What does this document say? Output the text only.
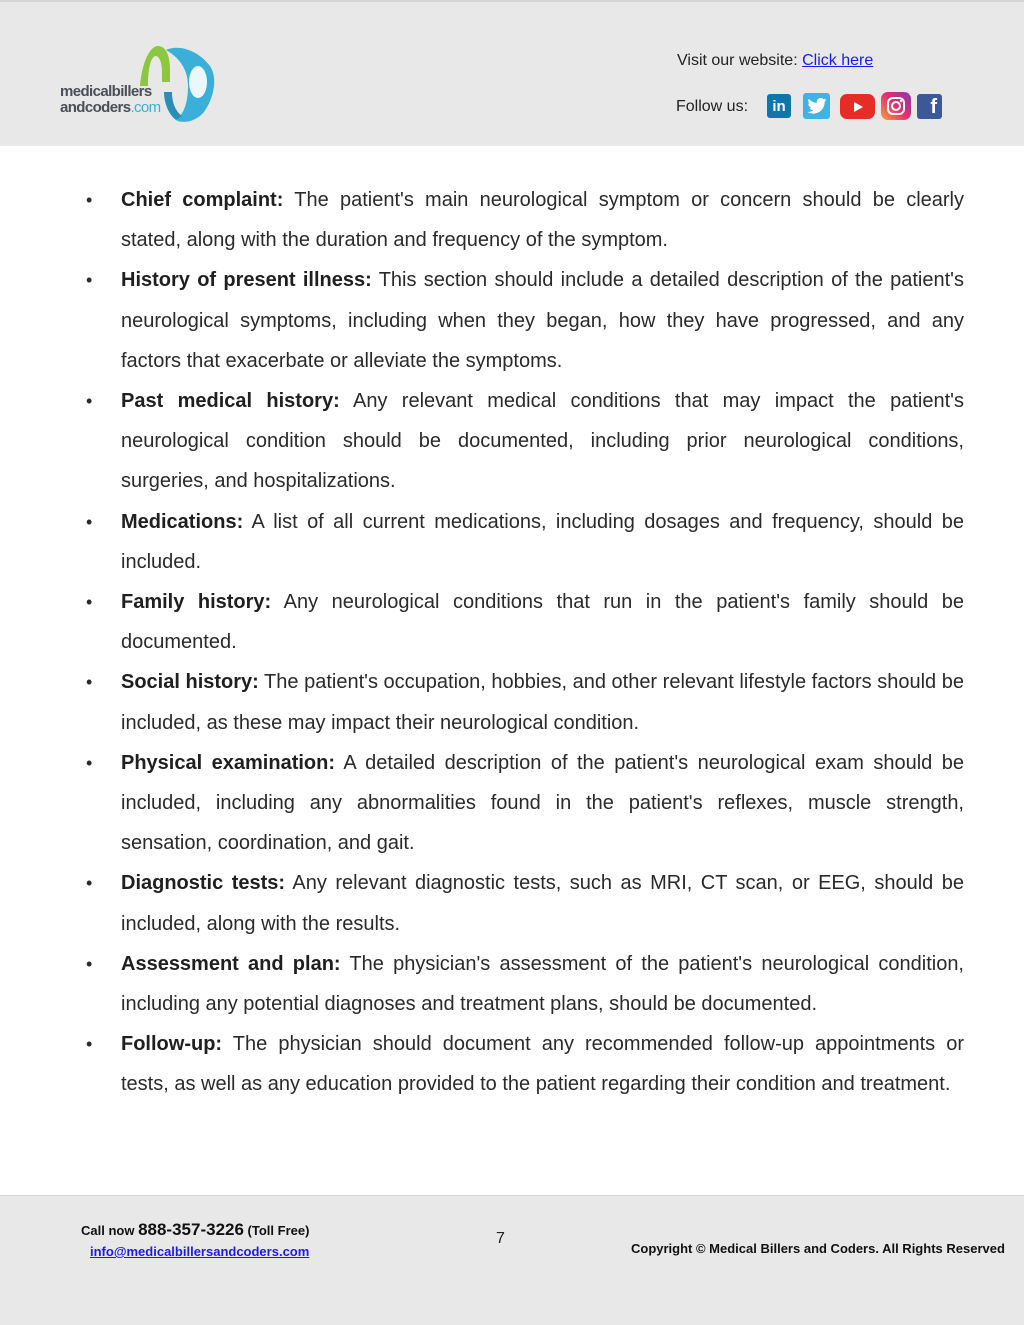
medicalbillers
andcoders.com
Visit our website: Click here
Follow us:	in	f
• Chief complaint: The patient's main neurological symptom or concern should be clearly stated, along with the duration and frequency of the symptom.
• History of present illness: This section should include a detailed description of the patient's neurological symptoms, including when they began, how they have progressed, and any factors that exacerbate or alleviate the symptoms.
• Past medical history: Any relevant medical conditions that may impact the patient's neurological condition should be documented, including prior neurological conditions, surgeries, and hospitalizations.
• Medications: A list of all current medications, including dosages and frequency, should be included.
• Family history: Any neurological conditions that run in the patient's family should be documented.
• Social history: The patient's occupation, hobbies, and other relevant lifestyle factors should be included, as these may impact their neurological condition.
• Physical examination: A detailed description of the patient's neurological exam should be included, including any abnormalities found in the patient's reflexes, muscle strength, sensation, coordination, and gait.
• Diagnostic tests: Any relevant diagnostic tests, such as MRI, CT scan, or EEG, should be included, along with the results.
• Assessment and plan: The physician's assessment of the patient's neurological condition, including any potential diagnoses and treatment plans, should be documented.
• Follow-up: The physician should document any recommended follow-up appointments or tests, as well as any education provided to the patient regarding their condition and treatment.
Call now 888-357-3226 (Toll Free)
info@medicalbillersandcoders.com
7
Copyright © Medical Billers and Coders. All Rights Reserved
